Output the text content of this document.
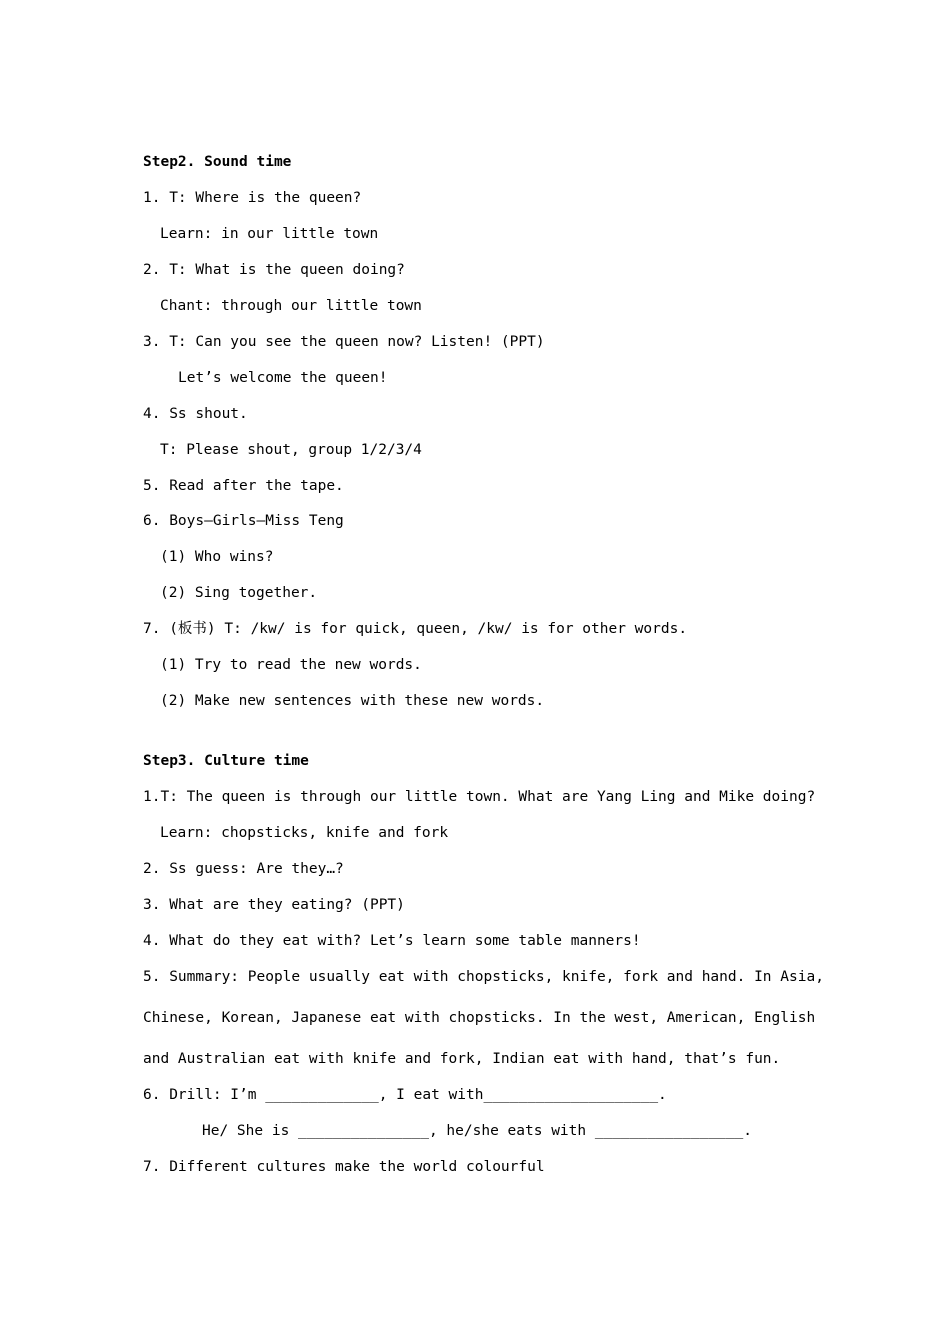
Step2. Sound time
1. T: Where is the queen?
Learn: in our little town
2. T: What is the queen doing?
Chant: through our little town
3. T: Can you see the queen now? Listen! (PPT)
Let’s welcome the queen!
4. Ss shout.
T: Please shout, group 1/2/3/4
5. Read after the tape.
6. Boys—Girls—Miss Teng
(1) Who wins?
(2) Sing together.
7. (板书) T: /kw/ is for quick, queen, /kw/ is for other words.
(1) Try to read the new words.
(2) Make new sentences with these new words.
Step3. Culture time
1.T: The queen is through our little town. What are Yang Ling and Mike doing?
Learn: chopsticks, knife and fork
2. Ss guess: Are they…?
3. What are they eating? (PPT)
4. What do they eat with? Let’s learn some table manners!
5. Summary: People usually eat with chopsticks, knife, fork and hand. In Asia,
Chinese, Korean, Japanese eat with chopsticks. In the west, American, English
and Australian eat with knife and fork, Indian eat with hand, that’s fun.
6. Drill: I’m _____________, I eat with____________________.
He/ She is _______________, he/she eats with _________________.
7. Different cultures make the world colourful
